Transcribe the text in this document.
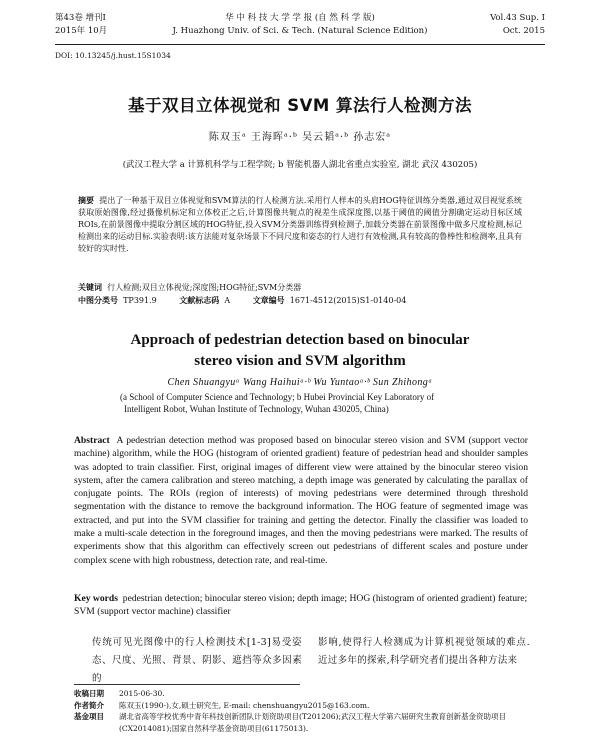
第43卷 增刊Ⅰ
2015年 10月
华 中 科 技 大 学 学 报 (自 然 科 学 版)
J. Huazhong Univ. of Sci. & Tech. (Natural Science Edition)
Vol.43 Sup. Ⅰ
Oct. 2015
DOI: 10.13245/j.hust.15S1034
基于双目立体视觉和 SVM 算法行人检测方法
陈双玉ᵃ 王海晖ᵃ·ᵇ 吴云韬ᵃ·ᵇ 孙志宏ᵃ
(武汉工程大学 a 计算机科学与工程学院; b 智能机器人湖北省重点实验室, 湖北 武汉 430205)
摘要 提出了一种基于双目立体视觉和SVM算法的行人检测方法.采用行人样本的头肩HOG特征训练分类器,通过双目视觉系统获取原始图像,经过摄像机标定和立体校正之后,计算图像共轭点的视差生成深度图,以基于阈值的阈值分割确定运动目标区域ROIs,在前景图像中提取分割区域的HOG特征,投入SVM分类器训练得到检测子,加载分类器在前景图像中做多尺度检测,标记检测出来的运动目标.实验表明:该方法能对复杂场景下不同尺度和姿态的行人进行有效检测,具有较高的鲁棒性和检测率,且具有较好的实时性.
关键词 行人检测;双目立体视觉;深度图;HOG特征;SVM分类器
中图分类号 TP391.9	文献标志码 A	文章编号 1671-4512(2015)S1-0140-04
Approach of pedestrian detection based on binocular
stereo vision and SVM algorithm
Chen Shuangyuᵃ Wang Haihuiᵃ·ᵇ Wu Yuntaoᵃ·ᵇ Sun Zhihongᵃ
(a School of Computer Science and Technology; b Hubei Provincial Key Laboratory of
Intelligent Robot, Wuhan Institute of Technology, Wuhan 430205, China)
Abstract A pedestrian detection method was proposed based on binocular stereo vision and SVM (support vector machine) algorithm, while the HOG (histogram of oriented gradient) feature of pedestrian head and shoulder samples was adopted to train classifier. First, original images of different view were attained by the binocular stereo vision system, after the camera calibration and stereo matching, a depth image was generated by calculating the parallax of conjugate points. The ROIs (region of interests) of moving pedestrians were determined through threshold segmentation with the distance to remove the background information. The HOG feature of segmented image was extracted, and put into the SVM classifier for training and getting the detector. Finally the classifier was loaded to make a multi-scale detection in the foreground images, and then the moving pedestrians were marked. The results of experiments show that this algorithm can effectively screen out pedestrians of different scales and posture under complex scene with high robustness, detection rate, and real-time.
Key words pedestrian detection; binocular stereo vision; depth image; HOG (histogram of oriented gradient) feature; SVM (support vector machine) classifier
传统可见光图像中的行人检测技术[1-3]易受姿态、尺度、光照、背景、阴影、遮挡等众多因素的
影响,使得行人检测成为计算机视觉领域的难点.近过多年的探索,科学研究者们提出各种方法来
收稿日期	2015-06-30.
作者简介	陈双玉(1990-),女,硕士研究生, E-mail: chenshuangyu2015@163.com.
基金项目	湖北省高等学校优秀中青年科技创新团队计划资助项目(T201206);武汉工程大学第六届研究生教育创新基金资助项目(CX2014081);国家自然科学基金资助项目(61175013).
